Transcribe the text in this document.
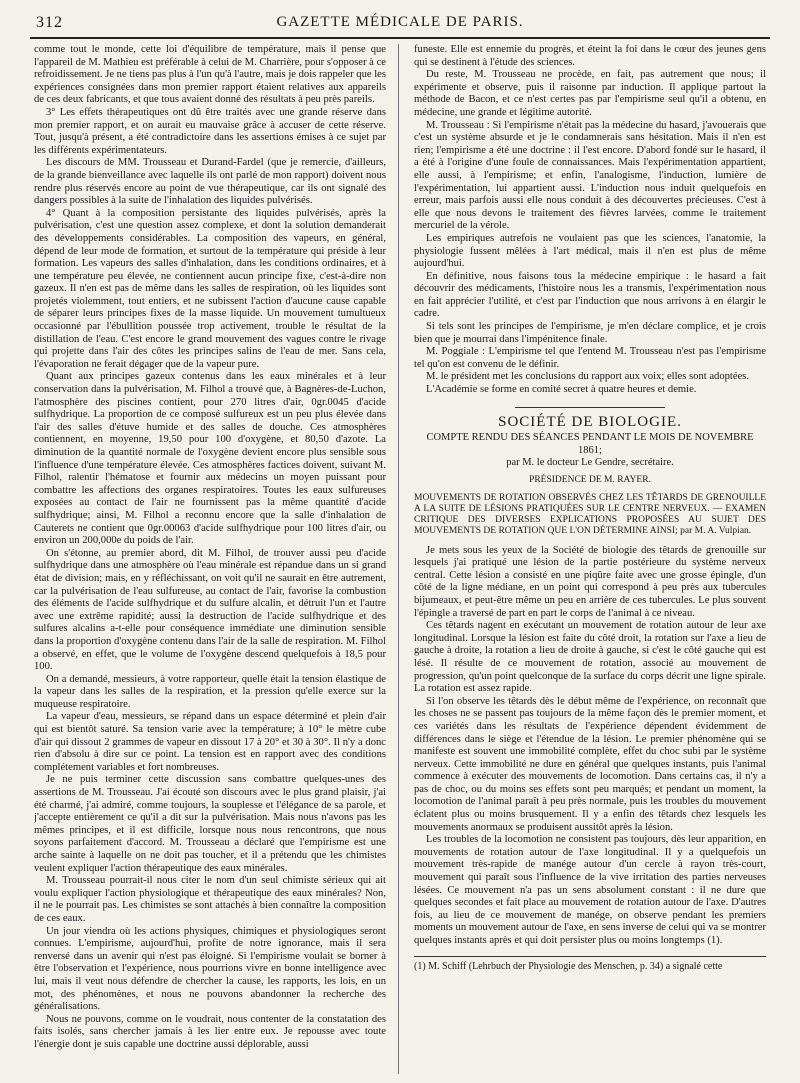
312	GAZETTE MÉDICALE DE PARIS.

comme tout le monde, cette loi d'équilibre de température, mais il pense que l'appareil de M. Mathieu est préférable à celui de M. Charrière, pour s'opposer à ce refroidissement. Je ne tiens pas plus à l'un qu'à l'autre, mais je dois rappeler que les expériences consignées dans mon premier rapport étaient relatives aux appareils de ces deux fabricants, et que tous avaient donné des résultats à peu près pareils.

3° Les effets thérapeutiques ont dû être traités avec une grande réserve dans mon premier rapport, et on aurait eu mauvaise grâce à accuser de cette réserve. Tout, jusqu'à présent, a été contradictoire dans les assertions émises à ce sujet par les différents expérimentateurs.

Les discours de MM. Trousseau et Durand-Fardel (que je remercie, d'ailleurs, de la grande bienveillance avec laquelle ils ont parlé de mon rapport) doivent nous rendre plus réservés encore au point de vue thérapeutique, car ils ont signalé des dangers possibles à la suite de l'inhalation des liquides pulvérisés.

4° Quant à la composition persistante des liquides pulvérisés, après la pulvérisation, c'est une question assez complexe, et dont la solution demanderait des développements considérables. La composition des vapeurs, en général, dépend de leur mode de formation, et surtout de la température qui préside à leur formation. Les vapeurs des salles d'inhalation, dans les conditions ordinaires, et à une température peu élevée, ne contiennent aucun principe fixe, c'est-à-dire non gazeux. Il n'en est pas de même dans les salles de respiration, où les liquides sont projetés violemment, tout entiers, et ne subissent l'action d'aucune cause capable de séparer leurs principes fixes de la masse liquide. Un mouvement tumultueux occasionné par l'ébullition poussée trop activement, trouble le résultat de la distillation de l'eau. C'est encore le grand mouvement des vagues contre le rivage qui projette dans l'air des côtes les principes salins de l'eau de mer. Sans cela, l'évaporation ne ferait dégager que de la vapeur pure.

Quant aux principes gazeux contenus dans les eaux minérales et à leur conservation dans la pulvérisation, M. Filhol a trouvé que, à Bagnères-de-Luchon, l'atmosphère des piscines contient, pour 270 litres d'air, 0gr.0045 d'acide sulfhydrique. La proportion de ce composé sulfureux est un peu plus élevée dans l'air des salles d'étuve humide et des salles de douche. Ces atmosphères contiennent, en moyenne, 19,50 pour 100 d'oxygène, et 80,50 d'azote. La diminution de la quantité normale de l'oxygène devient encore plus sensible sous l'influence d'une température élevée. Ces atmosphères factices doivent, suivant M. Filhol, ralentir l'hématose et fournir aux médecins un moyen puissant pour combattre les affections des organes respiratoires. Toutes les eaux sulfureuses exposées au contact de l'air ne fournissent pas la même quantité d'acide sulfhydrique; ainsi, M. Filhol a reconnu encore que la salle d'inhalation de Cauterets ne contient que 0gr.00063 d'acide sulfhydrique pour 100 litres d'air, ou environ un 200,000e du poids de l'air.

On s'étonne, au premier abord, dit M. Filhol, de trouver aussi peu d'acide sulfhydrique dans une atmosphère où l'eau minérale est répandue dans un si grand état de division; mais, en y réfléchissant, on voit qu'il ne saurait en être autrement, car la pulvérisation de l'eau sulfureuse, au contact de l'air, favorise la combustion des éléments de l'acide sulfhydrique et du sulfure alcalin, et détruit l'un et l'autre avec une extrême rapidité; aussi la destruction de l'acide sulfhydrique et des sulfures alcalins a-t-elle pour conséquence immédiate une diminution sensible dans la proportion d'oxygène contenu dans l'air de la salle de respiration. M. Filhol a observé, en effet, que le volume de l'oxygène descend quelquefois à 18,5 pour 100.

On a demandé, messieurs, à votre rapporteur, quelle était la tension élastique de la vapeur dans les salles de la respiration, et la pression qu'elle exerce sur la muqueuse respiratoire.

La vapeur d'eau, messieurs, se répand dans un espace déterminé et plein d'air qui est bientôt saturé. Sa tension varie avec la température; à 10° le mètre cube d'air qui dissout 2 grammes de vapeur en dissout 17 à 20° et 30 à 30°. Il n'y a donc rien d'absolu à dire sur ce point. La tension est en rapport avec des conditions complétement variables et fort nombreuses.

Je ne puis terminer cette discussion sans combattre quelques-unes des assertions de M. Trousseau. J'ai écouté son discours avec le plus grand plaisir, j'ai été charmé, j'ai admiré, comme toujours, la souplesse et l'élégance de sa parole, et j'accepte entièrement ce qu'il a dit sur la pulvérisation. Mais nous n'avons pas les mêmes principes, et il est difficile, lorsque nous nous rencontrons, que nous soyons parfaitement d'accord. M. Trousseau a déclaré que l'empirisme est une arche sainte à laquelle on ne doit pas toucher, et il a prétendu que les chimistes veulent expliquer l'action thérapeutique des eaux minérales.

M. Trousseau pourrait-il nous citer le nom d'un seul chimiste sérieux qui ait voulu expliquer l'action physiologique et thérapeutique des eaux minérales? Non, il ne le pourrait pas. Les chimistes se sont attachés à bien connaître la composition de ces eaux.

Un jour viendra où les actions physiques, chimiques et physiologiques seront connues. L'empirisme, aujourd'hui, profite de notre ignorance, mais il sera renversé dans un avenir qui n'est pas éloigné. Si l'empirisme voulait se borner à être l'observation et l'expérience, nous pourrions vivre en bonne intelligence avec lui, mais il veut nous défendre de chercher la cause, les rapports, les lois, en un mot, des phénomènes, et nous ne pouvons abandonner la recherche des généralisations.

Nous ne pouvons, comme on le voudrait, nous contenter de la constatation des faits isolés, sans chercher jamais à les lier entre eux. Je repousse avec toute l'énergie dont je suis capable une doctrine aussi déplorable, aussi

funeste. Elle est ennemie du progrès, et éteint la foi dans le cœur des jeunes gens qui se destinent à l'étude des sciences.

Du reste, M. Trousseau ne procède, en fait, pas autrement que nous; il expérimente et observe, puis il raisonne par induction. Il applique partout la méthode de Bacon, et ce n'est certes pas par l'empirisme seul qu'il a obtenu, en médecine, une grande et légitime autorité.

M. Trousseau : Si l'empirisme n'était pas la médecine du hasard, j'avouerais que c'est un système absurde et je le condamnerais sans hésitation. Mais il n'en est rien; l'empirisme a été une doctrine : il l'est encore. D'abord fondé sur le hasard, il a été à l'origine d'une foule de connaissances. Mais l'expérimentation appartient, elle aussi, à l'empirisme; et enfin, l'analogisme, l'induction, lumière de l'expérimentation, lui appartient aussi. L'induction nous induit quelquefois en erreur, mais parfois aussi elle nous conduit à des découvertes précieuses. C'est à elle que nous devons le traitement des fièvres larvées, comme le traitement mercuriel de la vérole.

Les empiriques autrefois ne voulaient pas que les sciences, l'anatomie, la physiologie fussent mêlées à l'art médical, mais il n'en est plus de même aujourd'hui.

En définitive, nous faisons tous la médecine empirique : le hasard a fait découvrir des médicaments, l'histoire nous les a transmis, l'expérimentation nous en fait apprécier l'utilité, et c'est par l'induction que nous arrivons à en élargir le cadre.

Si tels sont les principes de l'empirisme, je m'en déclare complice, et je crois bien que je mourrai dans l'impénitence finale.

M. Poggiale : L'empirisme tel que l'entend M. Trousseau n'est pas l'empirisme tel qu'on est convenu de le définir.

M. le président met les conclusions du rapport aux voix; elles sont adoptées.

L'Académie se forme en comité secret à quatre heures et demie.

SOCIÉTÉ DE BIOLOGIE.

COMPTE RENDU DES SÉANCES PENDANT LE MOIS DE NOVEMBRE 1861;

par M. le docteur Le Gendre, secrétaire.

PRÉSIDENCE DE M. RAYER.

MOUVEMENTS DE ROTATION OBSERVÉS CHEZ LES TÊTARDS DE GRENOUILLE A LA SUITE DE LÉSIONS PRATIQUÉES SUR LE CENTRE NERVEUX. — EXAMEN CRITIQUE DES DIVERSES EXPLICATIONS PROPOSÉES AU SUJET DES MOUVEMENTS DE ROTATION QUE L'ON DÉTERMINE AINSI; par M. A. Vulpian.

Je mets sous les yeux de la Société de biologie des têtards de grenouille sur lesquels j'ai pratiqué une lésion de la partie postérieure du système nerveux central. Cette lésion a consisté en une piqûre faite avec une grosse épingle, d'un côté de la ligne médiane, en un point qui correspond à peu près aux tubercules bijumeaux, et peut-être même un peu en arrière de ces tubercules. Le plus souvent l'épingle a traversé de part en part le corps de l'animal à ce niveau.

Ces têtards nagent en exécutant un mouvement de rotation autour de leur axe longitudinal. Lorsque la lésion est faite du côté droit, la rotation sur l'axe a lieu de gauche à droite, la rotation a lieu de droite à gauche, si c'est le côté gauche qui est lésé. Il résulte de ce mouvement de rotation, associé au mouvement de progression, qu'un point quelconque de la surface du corps décrit une ligne spirale. La rotation est assez rapide.

Si l'on observe les têtards dès le début même de l'expérience, on reconnaît que les choses ne se passent pas toujours de la même façon dès le premier moment, et ces variétés dans les résultats de l'expérience dépendent évidemment de différences dans le siège et l'étendue de la lésion. Le premier phénomène qui se manifeste est souvent une immobilité complète, effet du choc subi par le système nerveux. Cette immobilité ne dure en général que quelques instants, puis l'animal commence à exécuter des mouvements de locomotion. Dans certains cas, il n'y a pas de choc, ou du moins ses effets sont peu marqués; et pendant un moment, la locomotion de l'animal paraît à peu près normale, puis les troubles du mouvement éclatent plus ou moins brusquement. Il y a enfin des têtards chez lesquels les mouvements anormaux se produisent aussitôt après la lésion.

Les troubles de la locomotion ne consistent pas toujours, dès leur apparition, en mouvements de rotation autour de l'axe longitudinal. Il y a quelquefois un mouvement très-rapide de manége autour d'un cercle à rayon très-court, mouvement qui paraît sous l'influence de la vive irritation des parties nerveuses lésées. Ce mouvement n'a pas un sens absolument constant : il ne dure que quelques secondes et fait place au mouvement de rotation autour de l'axe. D'autres fois, au lieu de ce mouvement de manége, on observe pendant les premiers moments un mouvement autour de l'axe, en sens inverse de celui qui va se montrer quelques instants après et qui doit persister plus ou moins longtemps (1).

(1) M. Schiff (Lehrbuch der Physiologie des Menschen, p. 34) a signalé cette
